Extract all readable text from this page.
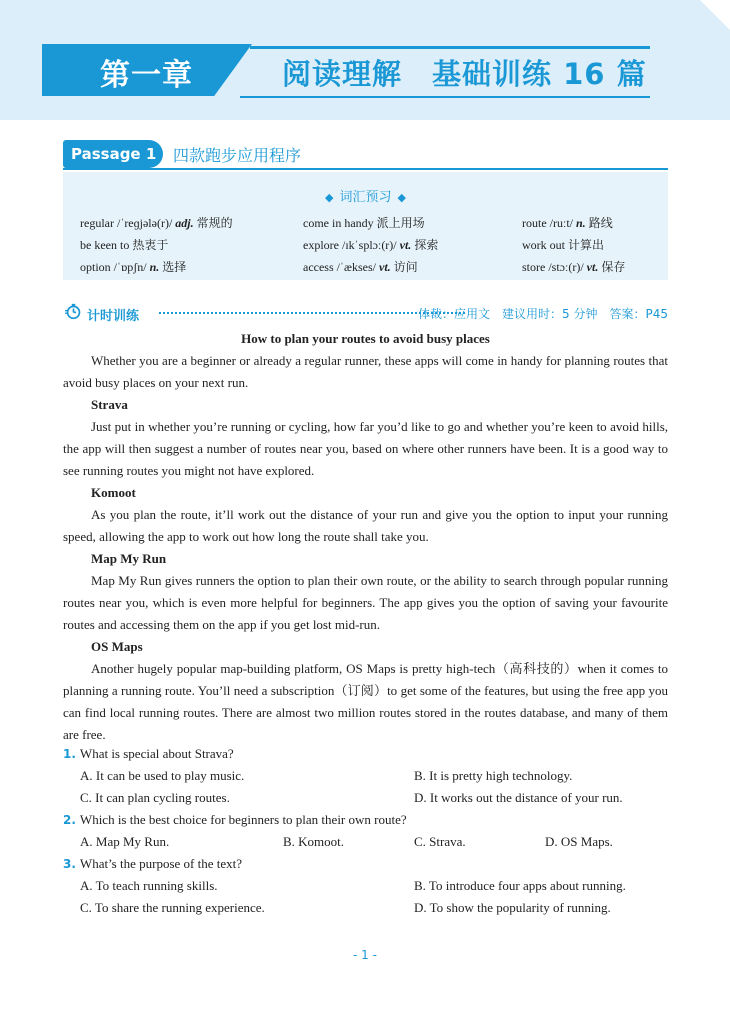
第一章	阅读理解 基础训练 16 篇
Passage 1	四款跑步应用程序
◆ 词汇预习 ◆
regular /ˈreɡjələ(r)/ adj. 常规的	come in handy 派上用场	route /ruːt/ n. 路线
be keen to 热衷于	explore /ɪkˈsplɔː(r)/ vt. 探索	work out 计算出
option /ˈɒpʃn/ n. 选择	access /ˈækses/ vt. 访问	store /stɔː(r)/ vt. 保存
计时训练	体裁：应用文 建议用时：5 分钟 答案：P45

How to plan your routes to avoid busy places

Whether you are a beginner or already a regular runner, these apps will come in handy for planning routes that avoid busy places on your next run.

Strava

Just put in whether you’re running or cycling, how far you’d like to go and whether you’re keen to avoid hills, the app will then suggest a number of routes near you, based on where other runners have been. It is a good way to see running routes you might not have explored.

Komoot

As you plan the route, it’ll work out the distance of your run and give you the option to input your running speed, allowing the app to work out how long the route shall take you.

Map My Run

Map My Run gives runners the option to plan their own route, or the ability to search through popular running routes near you, which is even more helpful for beginners. The app gives you the option of saving your favourite routes and accessing them on the app if you get lost mid-run.

OS Maps

Another hugely popular map-building platform, OS Maps is pretty high-tech（高科技的）when it comes to planning a running route. You’ll need a subscription（订阅）to get some of the features, but using the free app you can find local running routes. There are almost two million routes stored in the routes database, and many of them are free.

1. What is special about Strava?
A. It can be used to play music.	B. It is pretty high technology.
C. It can plan cycling routes.	D. It works out the distance of your run.
2. Which is the best choice for beginners to plan their own route?
A. Map My Run.	B. Komoot.	C. Strava.	D. OS Maps.
3. What’s the purpose of the text?
A. To teach running skills.	B. To introduce four apps about running.
C. To share the running experience.	D. To show the popularity of running.
- 1 -
